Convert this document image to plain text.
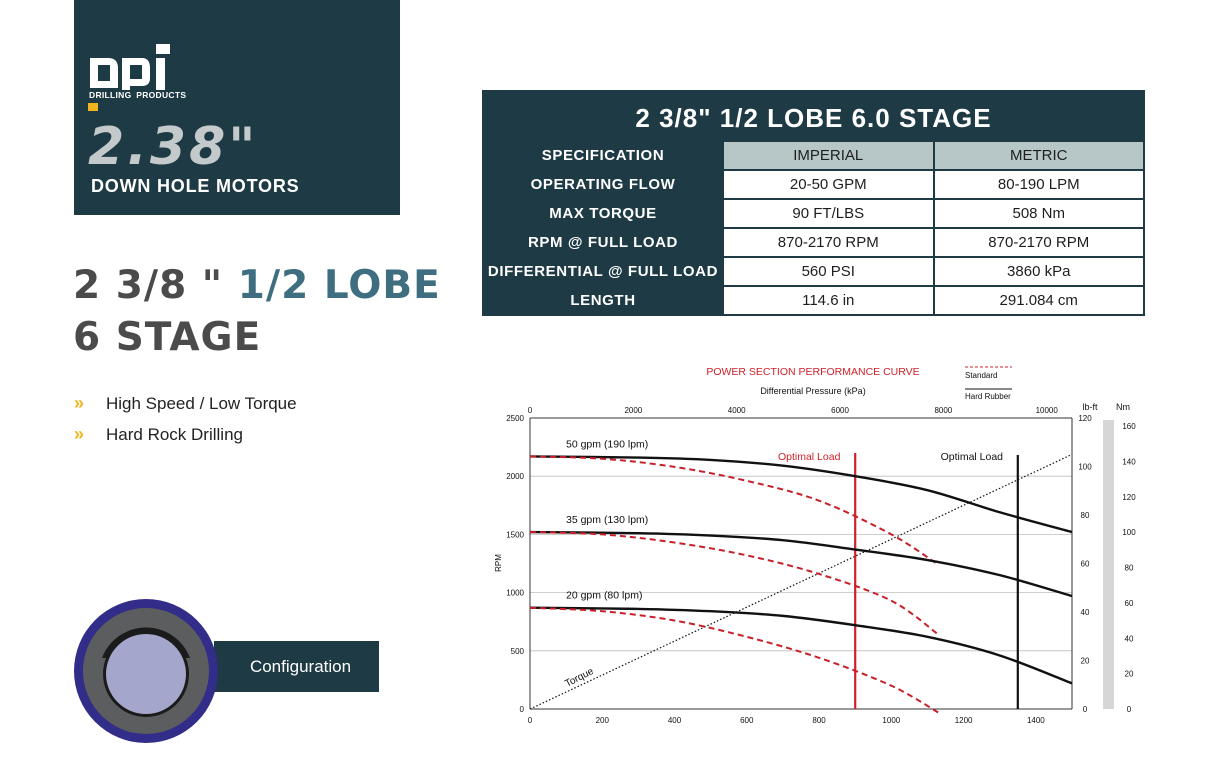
DRILLING PRODUCTS
2.38"
DOWN HOLE MOTORS
2 3/8 " 1/2 LOBE
6 STAGE
»	High Speed / Low Torque
»	Hard Rock Drilling
Configuration
2 3/8" 1/2 LOBE 6.0 STAGE		
SPECIFICATION	IMPERIAL	METRIC
OPERATING FLOW	20-50 GPM	80-190 LPM
MAX TORQUE	90 FT/LBS	508 Nm
RPM @ FULL LOAD	870-2170 RPM	870-2170 RPM
DIFFERENTIAL @ FULL LOAD	560 PSI	3860 kPa
LENGTH	114.6 in	291.084 cm
POWER SECTION PERFORMANCE CURVE
Differential Pressure (kPa)
Standard
Hard Rubber
0
500
1000
1500
2000
2500
RPM
0	200	400	600	800	1000	1200	1400
0	2000	4000	6000	8000	10000	lb-ft
0
20
40
60
80
100
120
Nm
0
20
40
60
80
100
120
140
160
Torque
Optimal Load	Optimal Load
50 gpm (190 lpm)
35 gpm (130 lpm)
20 gpm (80 lpm)
